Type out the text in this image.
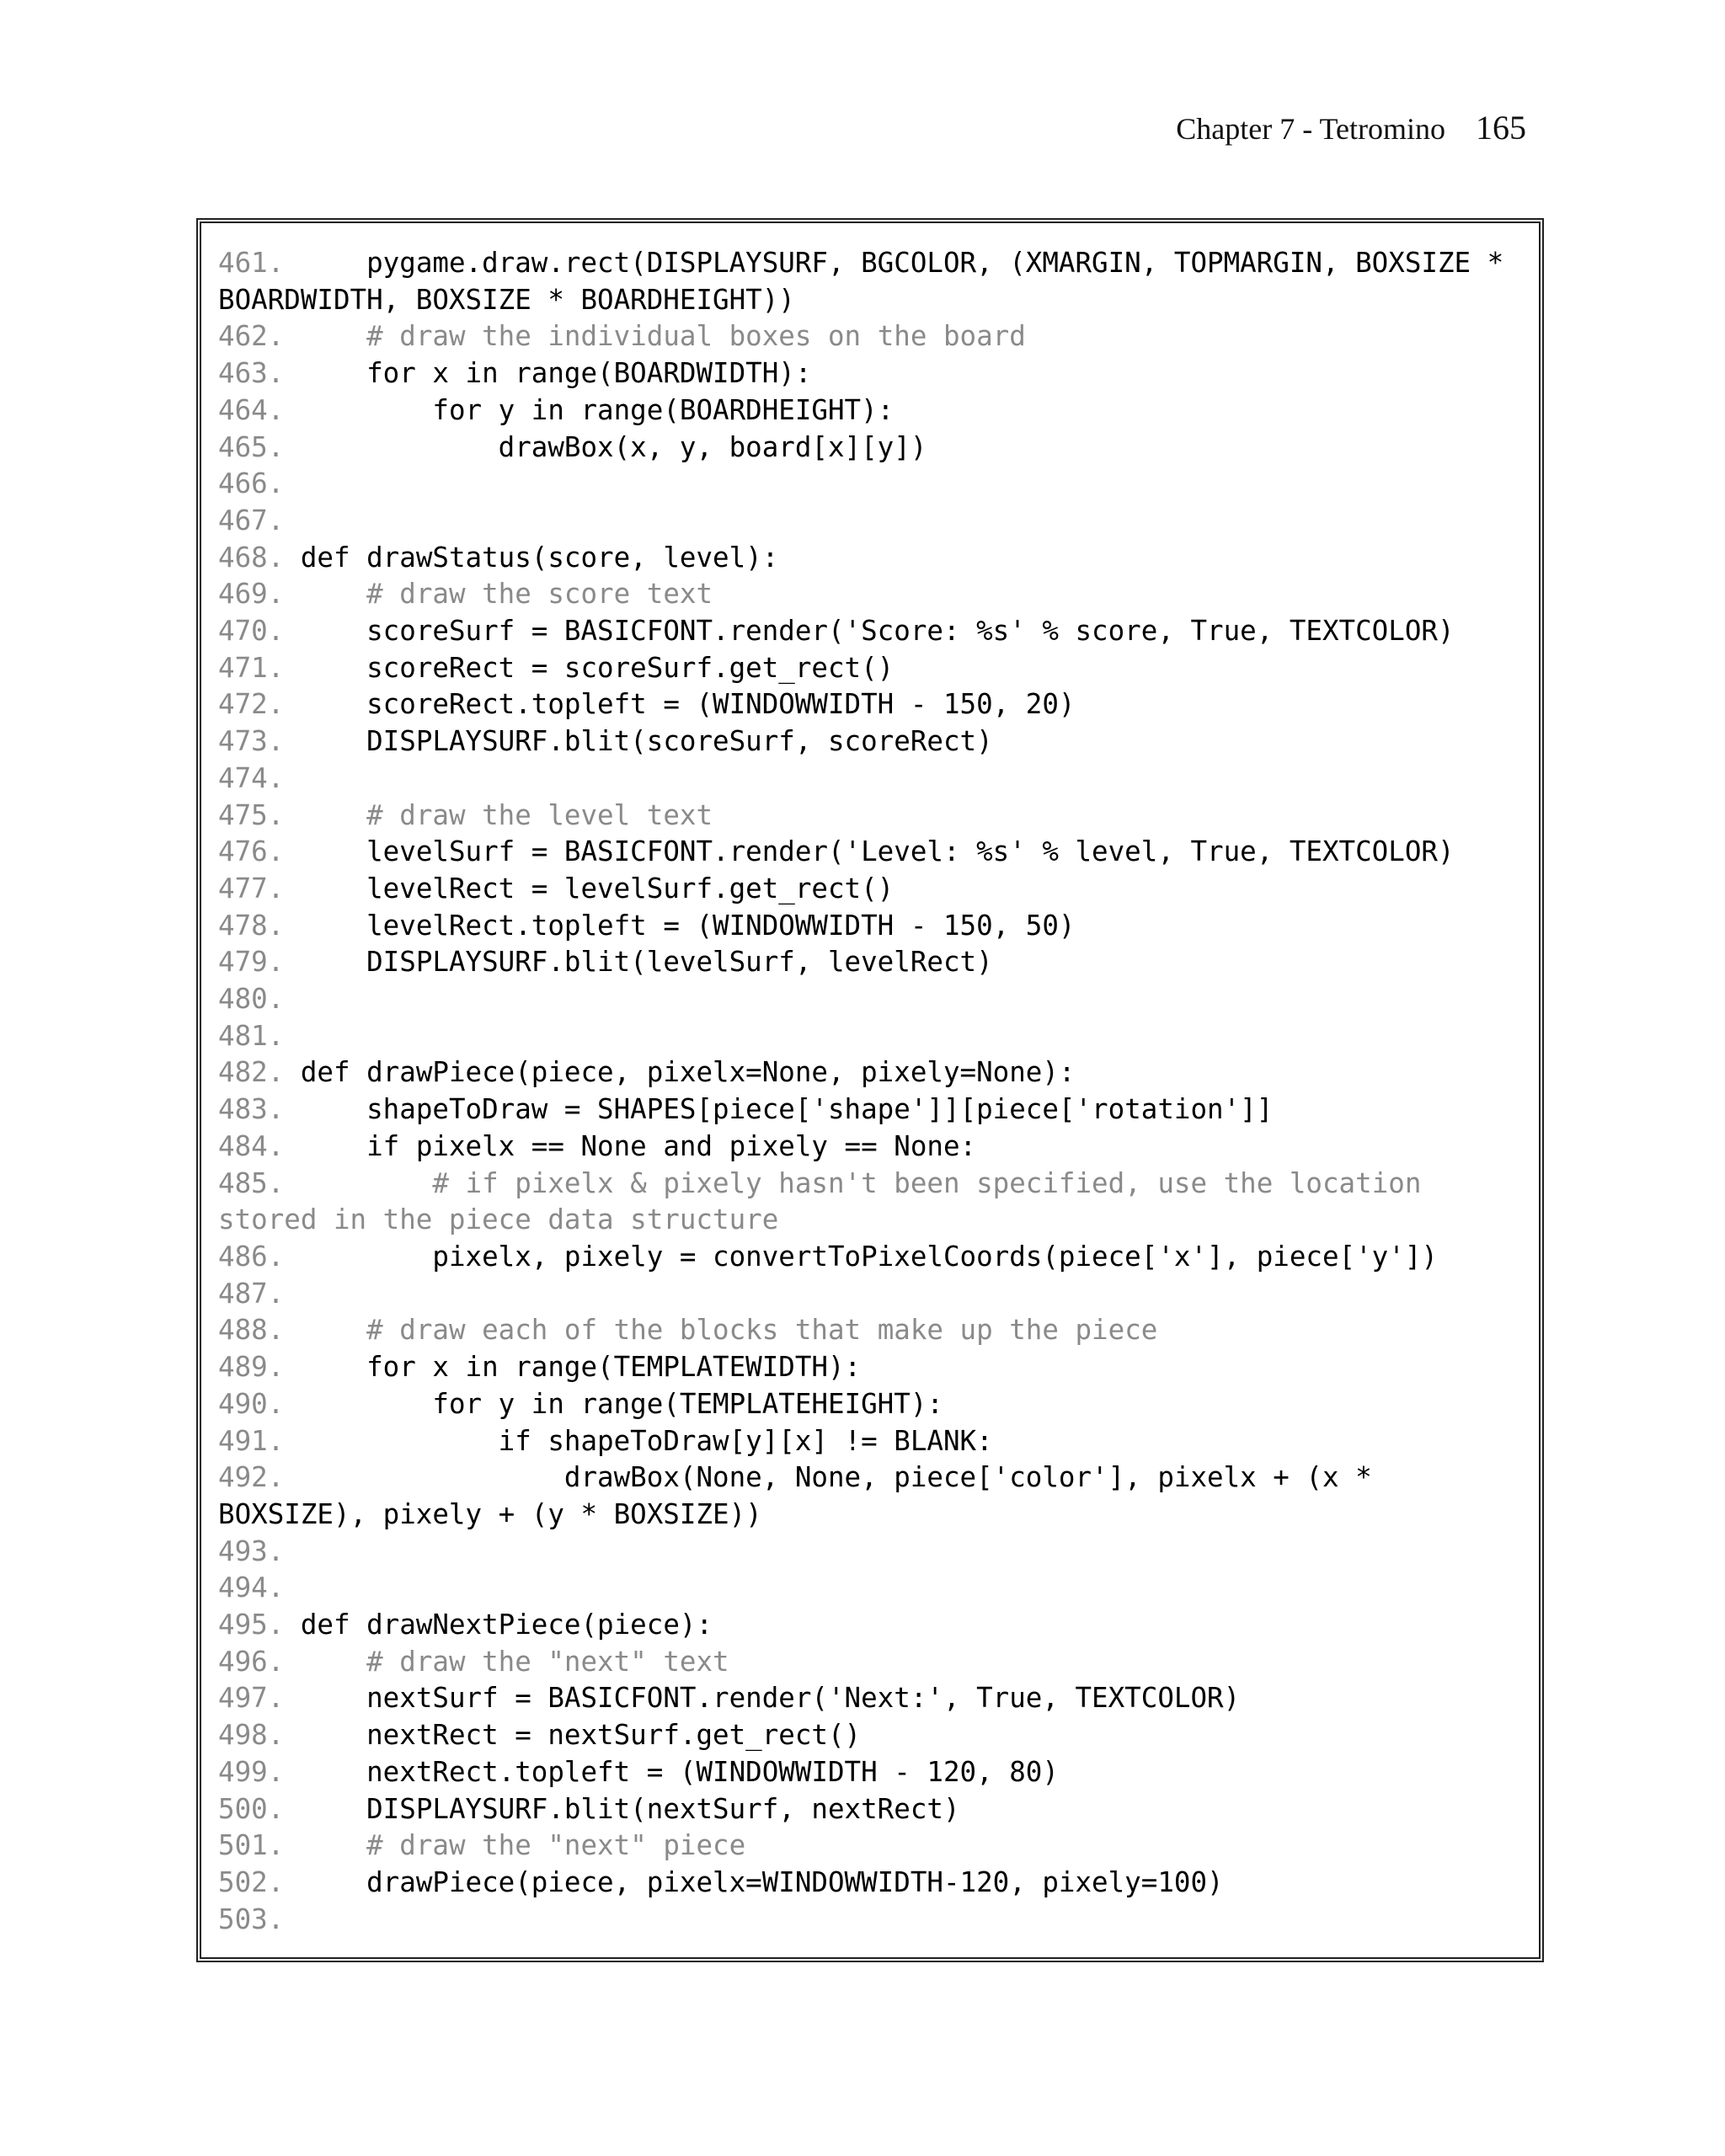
Chapter 7 - Tetromino 165
461.     pygame.draw.rect(DISPLAYSURF, BGCOLOR, (XMARGIN, TOPMARGIN, BOXSIZE *
BOARDWIDTH, BOXSIZE * BOARDHEIGHT))
462.	# draw the individual boxes on the board
463.     for x in range(BOARDWIDTH):
464.         for y in range(BOARDHEIGHT):
465.             drawBox(x, y, board[x][y])
466.
467.
468. def drawStatus(score, level):
469.	# draw the score text
470.     scoreSurf = BASICFONT.render('Score: %s' % score, True, TEXTCOLOR)
471.     scoreRect = scoreSurf.get_rect()
472.     scoreRect.topleft = (WINDOWWIDTH - 150, 20)
473.     DISPLAYSURF.blit(scoreSurf, scoreRect)
474.
475.	# draw the level text
476.     levelSurf = BASICFONT.render('Level: %s' % level, True, TEXTCOLOR)
477.     levelRect = levelSurf.get_rect()
478.     levelRect.topleft = (WINDOWWIDTH - 150, 50)
479.     DISPLAYSURF.blit(levelSurf, levelRect)
480.
481.
482. def drawPiece(piece, pixelx=None, pixely=None):
483.     shapeToDraw = SHAPES[piece['shape']][piece['rotation']]
484.     if pixelx == None and pixely == None:
485.	# if pixelx & pixely hasn't been specified, use the location
stored in the piece data structure
486.         pixelx, pixely = convertToPixelCoords(piece['x'], piece['y'])
487.
488.	# draw each of the blocks that make up the piece
489.     for x in range(TEMPLATEWIDTH):
490.         for y in range(TEMPLATEHEIGHT):
491.             if shapeToDraw[y][x] != BLANK:
492.                 drawBox(None, None, piece['color'], pixelx + (x *
BOXSIZE), pixely + (y * BOXSIZE))
493.
494.
495. def drawNextPiece(piece):
496.	# draw the "next" text
497.     nextSurf = BASICFONT.render('Next:', True, TEXTCOLOR)
498.     nextRect = nextSurf.get_rect()
499.     nextRect.topleft = (WINDOWWIDTH - 120, 80)
500.     DISPLAYSURF.blit(nextSurf, nextRect)
501.	# draw the "next" piece
502.     drawPiece(piece, pixelx=WINDOWWIDTH-120, pixely=100)
503.
